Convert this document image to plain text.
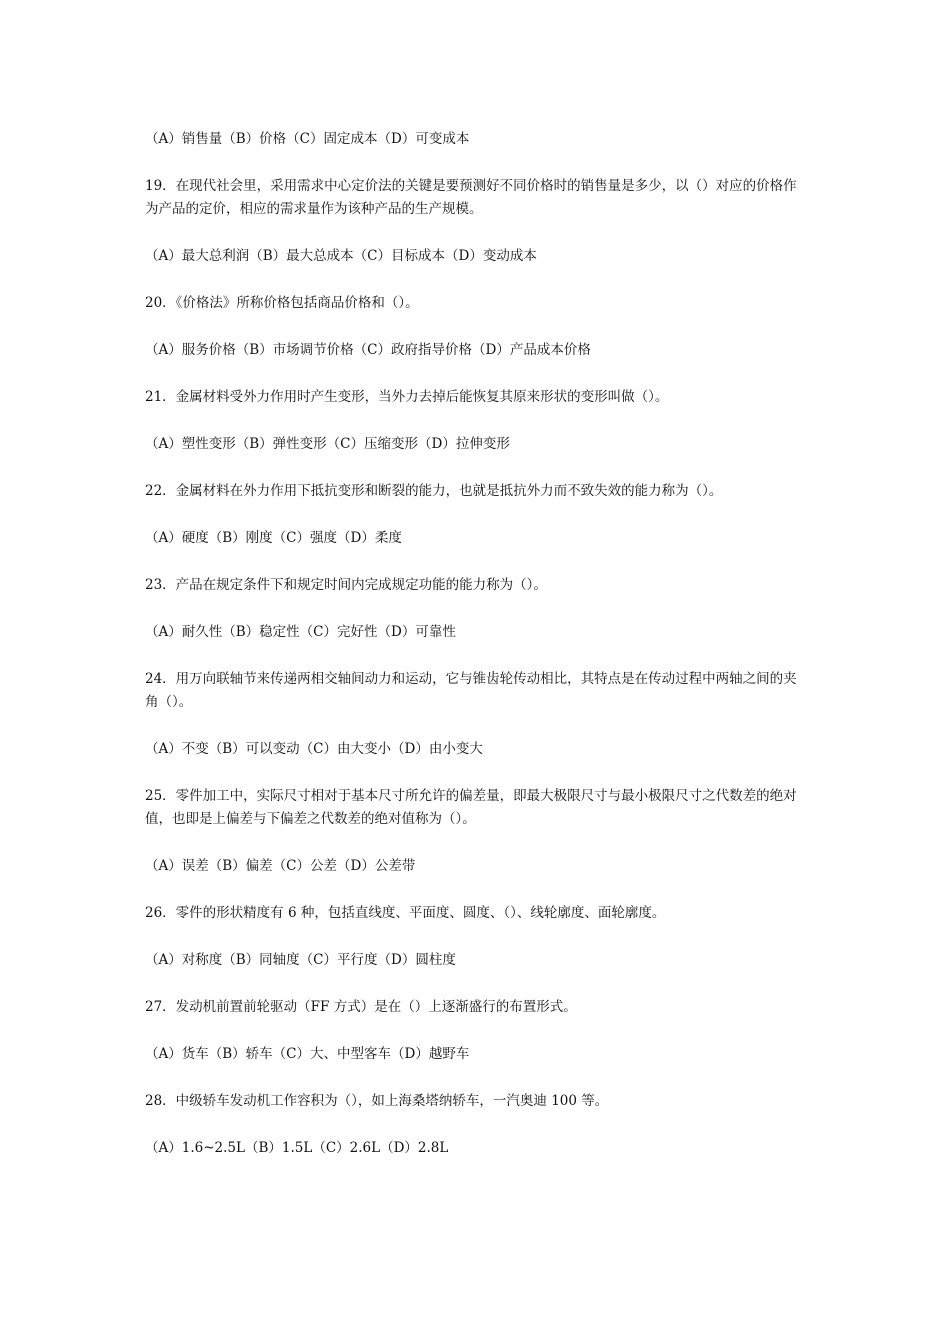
（A）销售量（B）价格（C）固定成本（D）可变成本

19．在现代社会里，采用需求中心定价法的关键是要预测好不同价格时的销售量是多少，以（）对应的价格作为产品的定价，相应的需求量作为该种产品的生产规模。

（A）最大总利润（B）最大总成本（C）目标成本（D）变动成本

20．《价格法》所称价格包括商品价格和（）。

（A）服务价格（B）市场调节价格（C）政府指导价格（D）产品成本价格

21．金属材料受外力作用时产生变形，当外力去掉后能恢复其原来形状的变形叫做（）。

（A）塑性变形（B）弹性变形（C）压缩变形（D）拉伸变形

22．金属材料在外力作用下抵抗变形和断裂的能力，也就是抵抗外力而不致失效的能力称为（）。

（A）硬度（B）刚度（C）强度（D）柔度

23．产品在规定条件下和规定时间内完成规定功能的能力称为（）。

（A）耐久性（B）稳定性（C）完好性（D）可靠性

24．用万向联轴节来传递两相交轴间动力和运动，它与锥齿轮传动相比，其特点是在传动过程中两轴之间的夹角（）。

（A）不变（B）可以变动（C）由大变小（D）由小变大

25．零件加工中，实际尺寸相对于基本尺寸所允许的偏差量，即最大极限尺寸与最小极限尺寸之代数差的绝对值，也即是上偏差与下偏差之代数差的绝对值称为（）。

（A）误差（B）偏差（C）公差（D）公差带

26．零件的形状精度有 6 种，包括直线度、平面度、圆度、（）、线轮廓度、面轮廓度。

（A）对称度（B）同轴度（C）平行度（D）圆柱度

27．发动机前置前轮驱动（FF 方式）是在（）上逐渐盛行的布置形式。

（A）货车（B）轿车（C）大、中型客车（D）越野车

28．中级轿车发动机工作容积为（），如上海桑塔纳轿车，一汽奥迪 100 等。

（A）1.6~2.5L（B）1.5L（C）2.6L（D）2.8L
